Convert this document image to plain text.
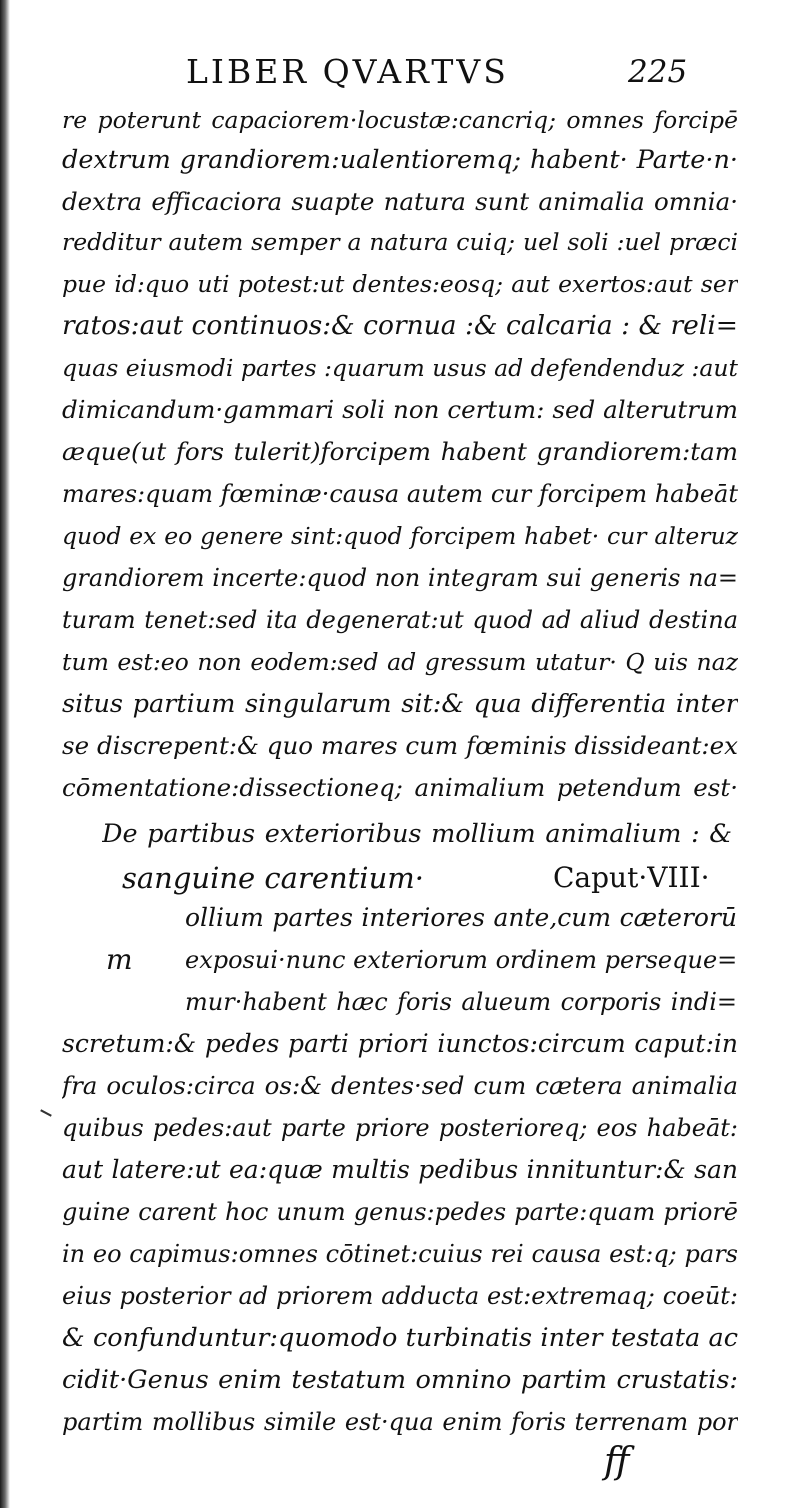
LIBER QVARTVS	225
re poterunt capaciorem·locustæ:cancriq; omnes forcipē
dextrum grandiorem:ualentioremq; habent· Parte·n·
dextra efficaciora suapte natura sunt animalia omnia·
redditur autem semper a natura cuiq; uel soli :uel præci
pue id:quo uti potest:ut dentes:eosq; aut exertos:aut ser
ratos:aut continuos:& cornua :& calcaria : & reli=
quas eiusmodi partes :quarum usus ad defendenduz :aut
dimicandum·gammari soli non certum: sed alterutrum
æque(ut fors tulerit)forcipem habent grandiorem:tam
mares:quam fœminæ·causa autem cur forcipem habeāt
quod ex eo genere sint:quod forcipem habet· cur alteruz
grandiorem incerte:quod non integram sui generis na=
turam tenet:sed ita degenerat:ut quod ad aliud destina
tum est:eo non eodem:sed ad gressum utatur· Q uis naz
situs partium singularum sit:& qua differentia inter
se discrepent:& quo mares cum fœminis dissideant:ex
cōmentatione:dissectioneq; animalium petendum est·
De partibus exterioribus mollium animalium : &
sanguine carentium·	Caput·VIII·
m
ollium partes interiores ante,cum cæterorū
exposui·nunc exteriorum ordinem perseque=
mur·habent hæc foris alueum corporis indi=
scretum:& pedes parti priori iunctos:circum caput:in
fra oculos:circa os:& dentes·sed cum cætera animalia
quibus pedes:aut parte priore posterioreq; eos habeāt:
aut latere:ut ea:quæ multis pedibus innituntur:& san
guine carent hoc unum genus:pedes parte:quam priorē
in eo capimus:omnes cōtinet:cuius rei causa est:q; pars
eius posterior ad priorem adducta est:extremaq; coeūt:
& confunduntur:quomodo turbinatis inter testata ac
cidit·Genus enim testatum omnino partim crustatis:
partim mollibus simile est·qua enim foris terrenam por
ff
